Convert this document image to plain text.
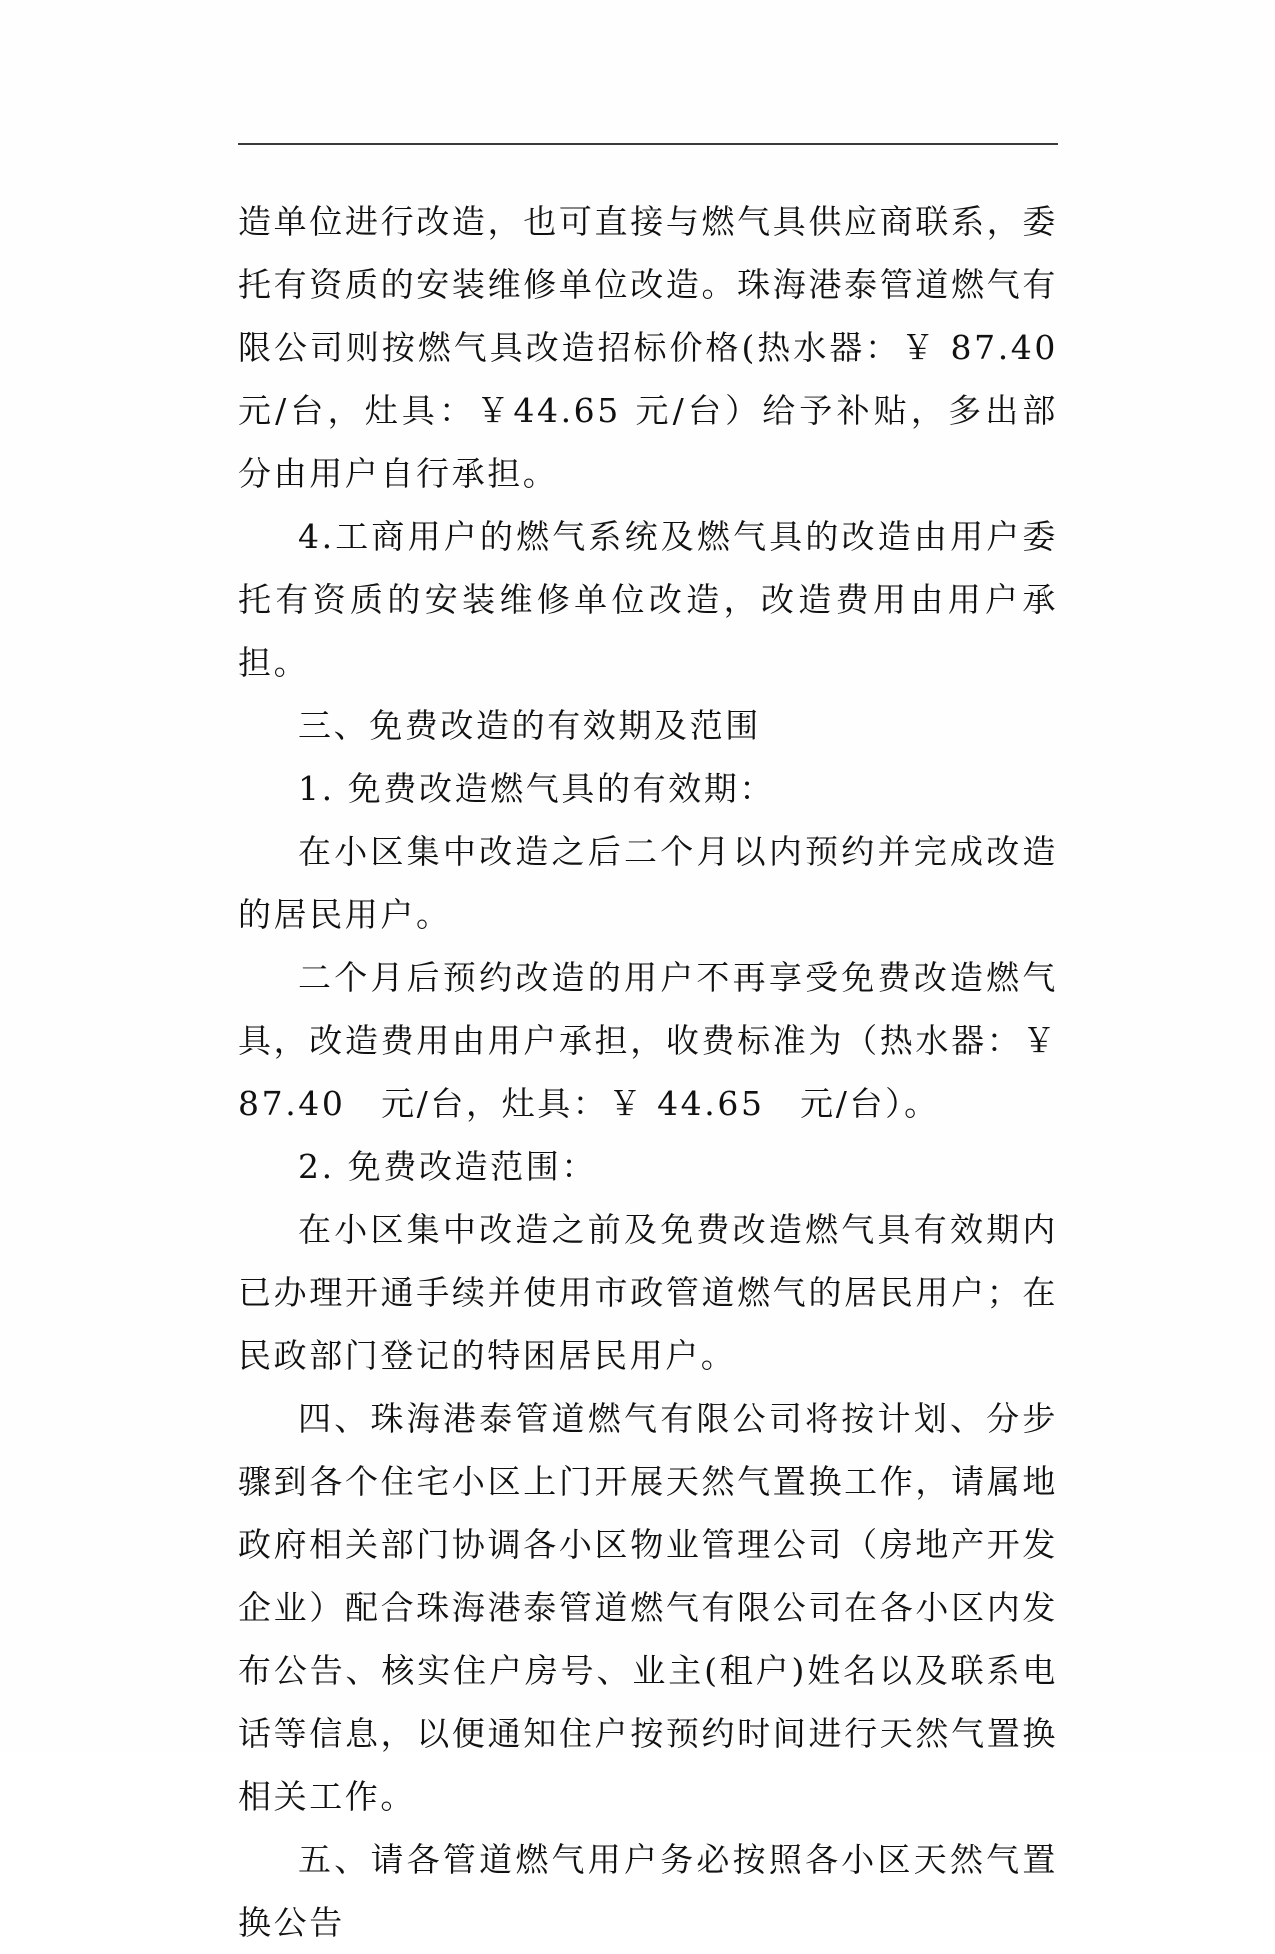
造单位进行改造，也可直接与燃气具供应商联系，委托有资质的安装维修单位改造。珠海港泰管道燃气有限公司则按燃气具改造招标价格(热水器：￥ 87.40 元/台，灶具：￥44.65 元/台）给予补贴，多出部分由用户自行承担。

4.工商用户的燃气系统及燃气具的改造由用户委托有资质的安装维修单位改造，改造费用由用户承担。

三、免费改造的有效期及范围

1. 免费改造燃气具的有效期：

在小区集中改造之后二个月以内预约并完成改造的居民用户。

二个月后预约改造的用户不再享受免费改造燃气具，改造费用由用户承担，收费标准为（热水器：￥ 87.40　元/台，灶具：￥ 44.65　元/台）。

2. 免费改造范围：

在小区集中改造之前及免费改造燃气具有效期内已办理开通手续并使用市政管道燃气的居民用户；在民政部门登记的特困居民用户。

四、珠海港泰管道燃气有限公司将按计划、分步骤到各个住宅小区上门开展天然气置换工作，请属地政府相关部门协调各小区物业管理公司（房地产开发企业）配合珠海港泰管道燃气有限公司在各小区内发布公告、核实住户房号、业主(租户)姓名以及联系电话等信息，以便通知住户按预约时间进行天然气置换相关工作。

五、请各管道燃气用户务必按照各小区天然气置换公告
